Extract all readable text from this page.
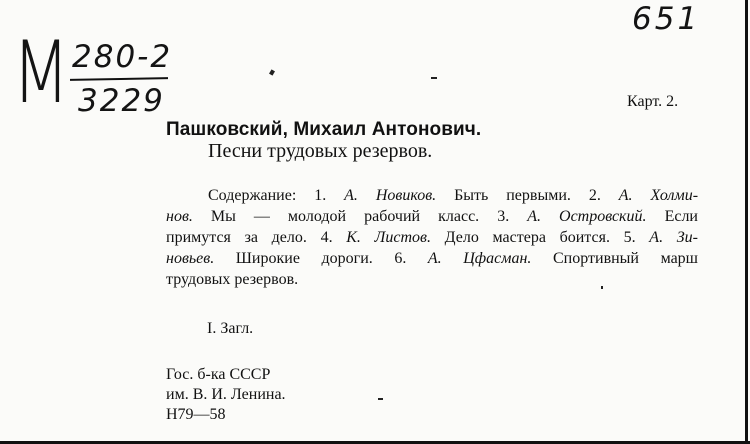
651
М 280-2
3229	Карт. 2.
Пашковский, Михаил Антонович.
Песни трудовых резервов.

Содержание: 1. А. Новиков. Быть первыми. 2. А. Холми-
нов. Мы — молодой рабочий класс. 3. А. Островский. Если
примутся за дело. 4. К. Листов. Дело мастера боится. 5. А. Зи-
новьев. Широкие дороги. 6. А. Цфасман. Спортивный марш
трудовых резервов.

I. Загл.
Гос. б-ка СССР
им. В. И. Ленина.
Н79—58
